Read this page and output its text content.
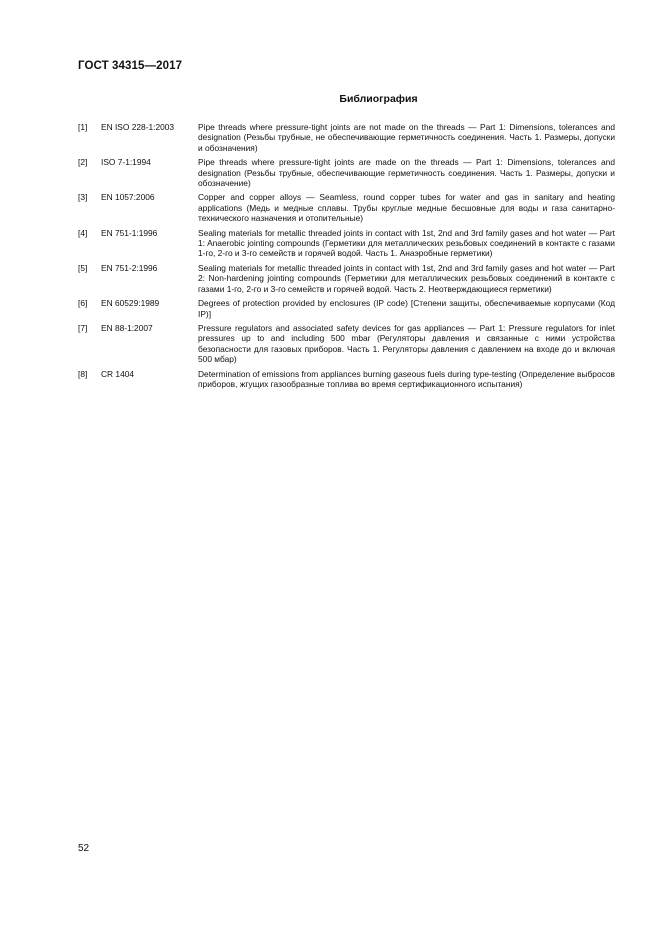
ГОСТ 34315—2017
Библиография
[1]	EN ISO 228-1:2003	Pipe threads where pressure-tight joints are not made on the threads — Part 1: Dimensions, tolerances and designation (Резьбы трубные, не обеспечивающие герметичность соединения. Часть 1. Размеры, допуски и обозначения)
[2]	ISO 7-1:1994	Pipe threads where pressure-tight joints are made on the threads — Part 1: Dimensions, tolerances and designation (Резьбы трубные, обеспечивающие герметичность соединения. Часть 1. Размеры, допуски и обозначение)
[3]	EN 1057:2006	Copper and copper alloys — Seamless, round copper tubes for water and gas in sanitary and heating applications (Медь и медные сплавы. Трубы круглые медные бесшовные для воды и газа санитарно-технического назначения и отопительные)
[4]	EN 751-1:1996	Sealing materials for metallic threaded joints in contact with 1st, 2nd and 3rd family gases and hot water — Part 1: Anaerobic jointing compounds (Герметики для металлических резьбовых соединений в контакте с газами 1-го, 2-го и 3-го семейств и горячей водой. Часть 1. Анаэробные герметики)
[5]	EN 751-2:1996	Sealing materials for metallic threaded joints in contact with 1st, 2nd and 3rd family gases and hot water — Part 2: Non-hardening jointing compounds (Герметики для металлических резьбовых соединений в контакте с газами 1-го, 2-го и 3-го семейств и горячей водой. Часть 2. Неотверждающиеся герметики)
[6]	EN 60529:1989	Degrees of protection provided by enclosures (IP code) [Степени защиты, обеспечиваемые корпусами (Код IP)]
[7]	EN 88-1:2007	Pressure regulators and associated safety devices for gas appliances — Part 1: Pressure regulators for inlet pressures up to and including 500 mbar (Регуляторы давления и связанные с ними устройства безопасности для газовых приборов. Часть 1. Регуляторы давления с давлением на входе до и включая 500 мбар)
[8]	CR 1404	Determination of emissions from appliances burning gaseous fuels during type-testing (Определение выбросов приборов, жгущих газообразные топлива во время сертификационного испытания)
52
